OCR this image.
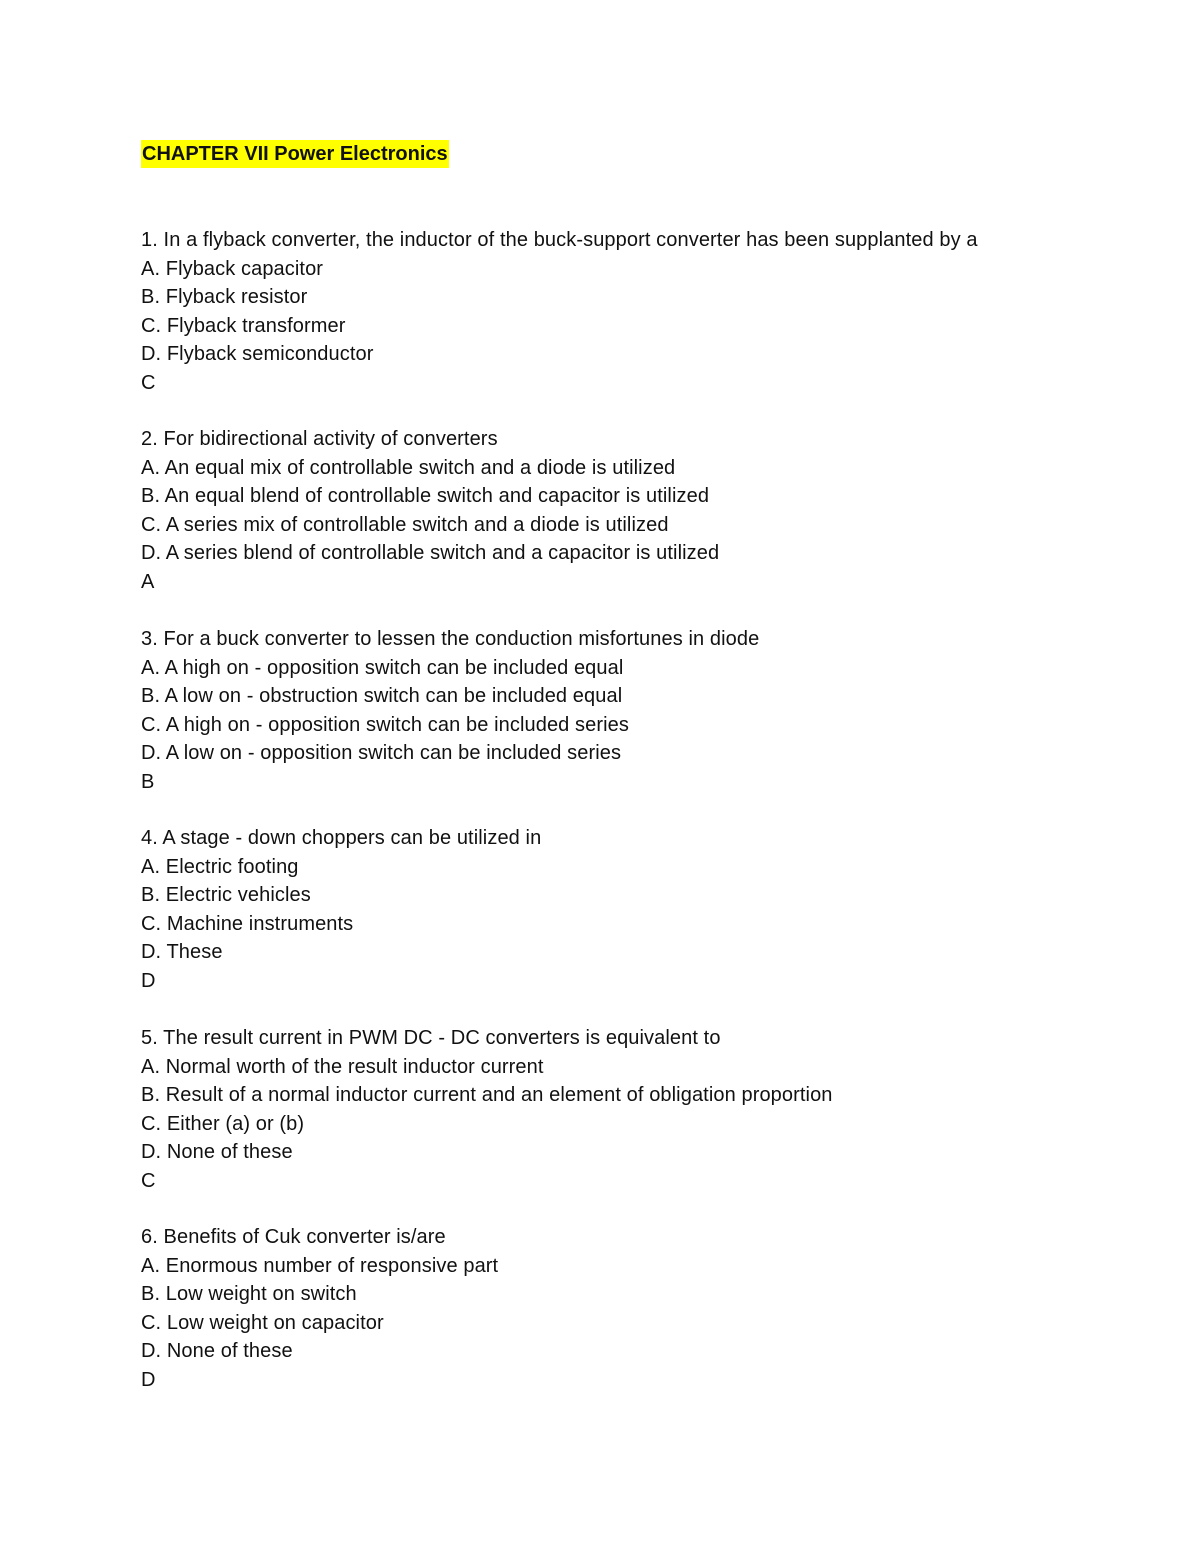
CHAPTER VII Power Electronics
1. In a flyback converter, the inductor of the buck-support converter has been supplanted by a
A. Flyback capacitor
B. Flyback resistor
C. Flyback transformer
D. Flyback semiconductor
C
2. For bidirectional activity of converters
A. An equal mix of controllable switch and a diode is utilized
B. An equal blend of controllable switch and capacitor is utilized
C. A series mix of controllable switch and a diode is utilized
D. A series blend of controllable switch and a capacitor is utilized
A
3. For a buck converter to lessen the conduction misfortunes in diode
A. A high on - opposition switch can be included equal
B. A low on - obstruction switch can be included equal
C. A high on - opposition switch can be included series
D. A low on - opposition switch can be included series
B
4. A stage - down choppers can be utilized in
A. Electric footing
B. Electric vehicles
C. Machine instruments
D. These
D
5. The result current in PWM DC - DC converters is equivalent to
A. Normal worth of the result inductor current
B. Result of a normal inductor current and an element of obligation proportion
C. Either (a) or (b)
D. None of these
C
6. Benefits of Cuk converter is/are
A. Enormous number of responsive part
B. Low weight on switch
C. Low weight on capacitor
D. None of these
D
